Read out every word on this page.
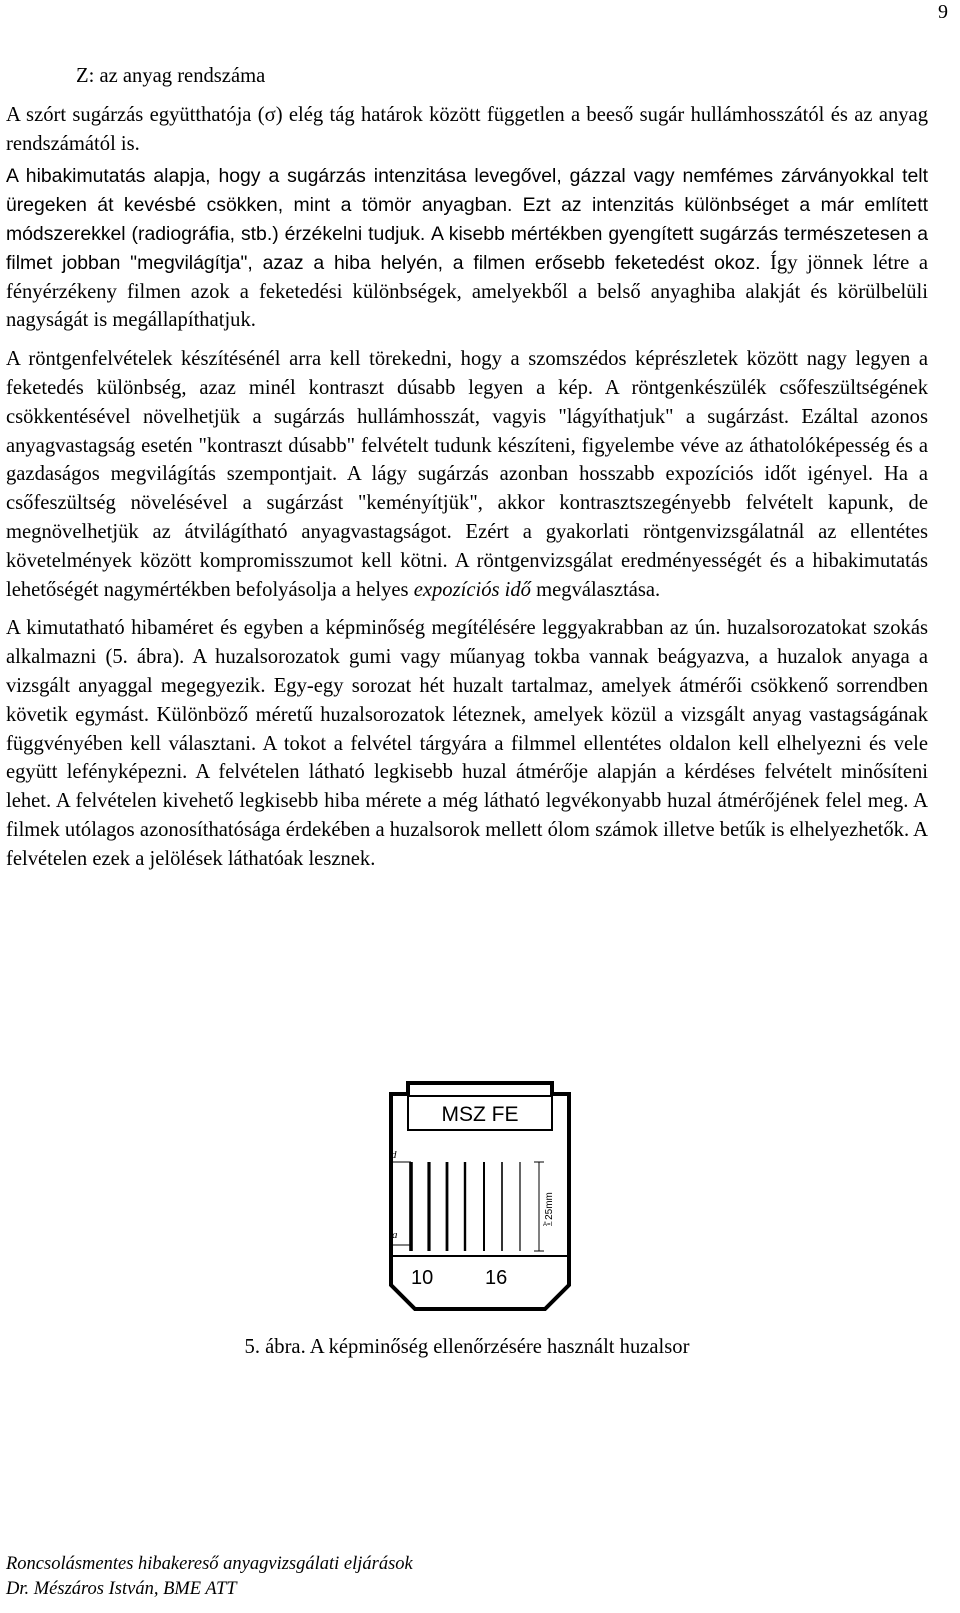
9

Z: az anyag rendszáma

A szórt sugárzás együtthatója (σ) elég tág határok között független a beeső sugár hullámhosszától és az anyag rendszámától is.

A hibakimutatás alapja, hogy a sugárzás intenzitása levegővel, gázzal vagy nemfémes zárványokkal telt üregeken át kevésbé csökken, mint a tömör anyagban. Ezt az intenzitás különbséget a már említett módszerekkel (radiográfia, stb.) érzékelni tudjuk. A kisebb mértékben gyengített sugárzás természetesen a filmet jobban "megvilágítja", azaz a hiba helyén, a filmen erősebb feketedést okoz. Így jönnek létre a fényérzékeny filmen azok a feketedési különbségek, amelyekből a belső anyaghiba alakját és körülbelüli nagyságát is megállapíthatjuk.

A röntgenfelvételek készítésénél arra kell törekedni, hogy a szomszédos képrészletek között nagy legyen a feketedés különbség, azaz minél kontraszt dúsabb legyen a kép. A röntgenkészülék csőfeszültségének csökkentésével növelhetjük a sugárzás hullámhosszát, vagyis "lágyíthatjuk" a sugárzást. Ezáltal azonos anyagvastagság esetén "kontraszt dúsabb" felvételt tudunk készíteni, figyelembe véve az áthatolóképesség és a gazdaságos megvilágítás szempontjait. A lágy sugárzás azonban hosszabb expozíciós időt igényel. Ha a csőfeszültség növelésével a sugárzást "keményítjük", akkor kontrasztszegényebb felvételt kapunk, de megnövelhetjük az átvilágítható anyagvastagságot. Ezért a gyakorlati röntgenvizsgálatnál az ellentétes követelmények között kompromisszumot kell kötni. A röntgenvizsgálat eredményességét és a hibakimutatás lehetőségét nagymértékben befolyásolja a helyes expozíciós idő megválasztása.

A kimutatható hibaméret és egyben a képminőség megítélésére leggyakrabban az ún. huzalsorozatokat szokás alkalmazni (5. ábra). A huzalsorozatok gumi vagy műanyag tokba vannak beágyazva, a huzalok anyaga a vizsgált anyaggal megegyezik. Egy-egy sorozat hét huzalt tartalmaz, amelyek átmérői csökkenő sorrendben követik egymást. Különböző méretű huzalsorozatok léteznek, amelyek közül a vizsgált anyag vastagságának függvényében kell választani. A tokot a felvétel tárgyára a filmmel ellentétes oldalon kell elhelyezni és vele együtt lefényképezni. A felvételen látható legkisebb huzal átmérője alapján a kérdéses felvételt minősíteni lehet. A felvételen kivehető legkisebb hiba mérete a még látható legvékonyabb huzal átmérőjének felel meg. A filmek utólagos azonosíthatósága érdekében a huzalsorok mellett ólom számok illetve betűk is elhelyezhetők. A felvételen ezek a jelölések láthatóak lesznek.

MSZ FE
d
a
25mm
A=I
10	16
5. ábra. A képminőség ellenőrzésére használt huzalsor
Roncsolásmentes hibakereső anyagvizsgálati eljárások
Dr. Mészáros István, BME ATT
